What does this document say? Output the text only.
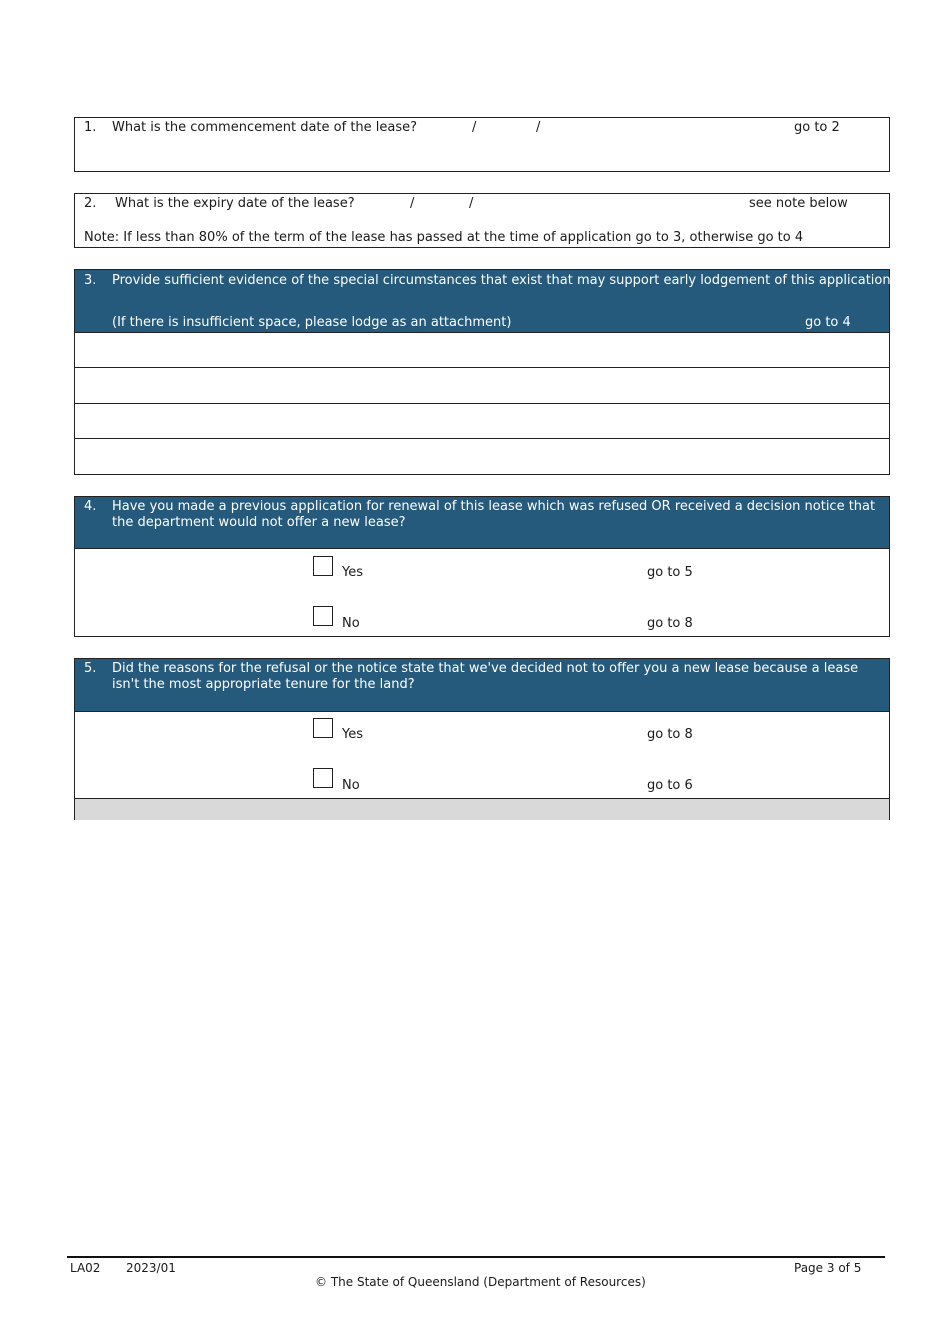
1. What is the commencement date of the lease?	/	/	go to 2
2. What is the expiry date of the lease?	/	/	see note below
Note: If less than 80% of the term of the lease has passed at the time of application go to 3, otherwise go to 4
3. Provide sufficient evidence of the special circumstances that exist that may support early lodgement of this application.
(If there is insufficient space, please lodge as an attachment)	go to 4
4. Have you made a previous application for renewal of this lease which was refused OR received a decision notice that the department would not offer a new lease?
Yes	go to 5
No	go to 8
5. Did the reasons for the refusal or the notice state that we've decided not to offer you a new lease because a lease isn't the most appropriate tenure for the land?
Yes	go to 8
No	go to 6
LA02 2023/01	Page 3 of 5
© The State of Queensland (Department of Resources)
